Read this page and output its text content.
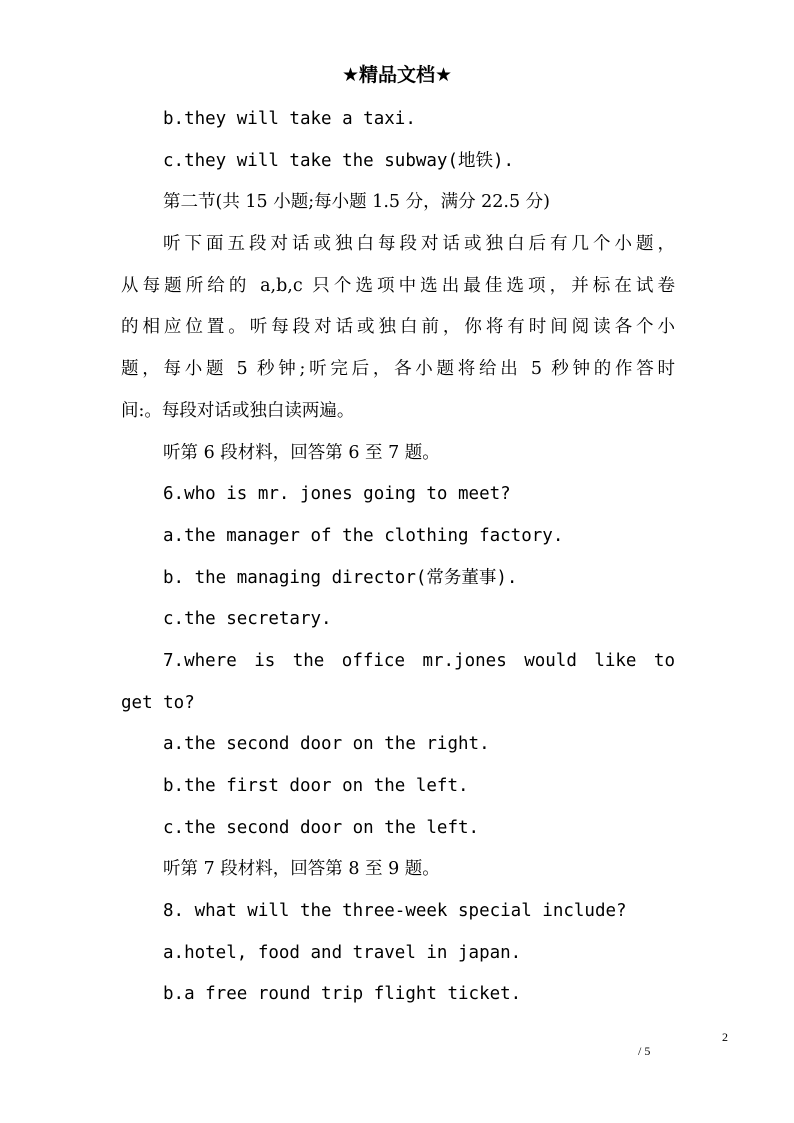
★精品文档★
b.they will take a taxi.
c.they will take the subway(地铁).
第二节(共 15 小题;每小题 1.5 分，满分 22.5 分)
听下面五段对话或独白每段对话或独白后有几个小题，
从每题所给的 a,b,c 只个选项中选出最佳选项，并标在试卷
的相应位置。听每段对话或独白前，你将有时间阅读各个小
题，每小题 5 秒钟;听完后，各小题将给出 5 秒钟的作答时
间:。每段对话或独白读两遍。
听第 6 段材料，回答第 6 至 7 题。
6.who is mr. jones going to meet?
a.the manager of the clothing factory.
b. the managing director(常务董事).
c.the secretary.
7.where is the office mr.jones would like to
get to?
a.the second door on the right.
b.the first door on the left.
c.the second door on the left.
听第 7 段材料，回答第 8 至 9 题。
8. what will the three-week special include?
a.hotel, food and travel in japan.
b.a free round trip flight ticket.
2
/ 5
